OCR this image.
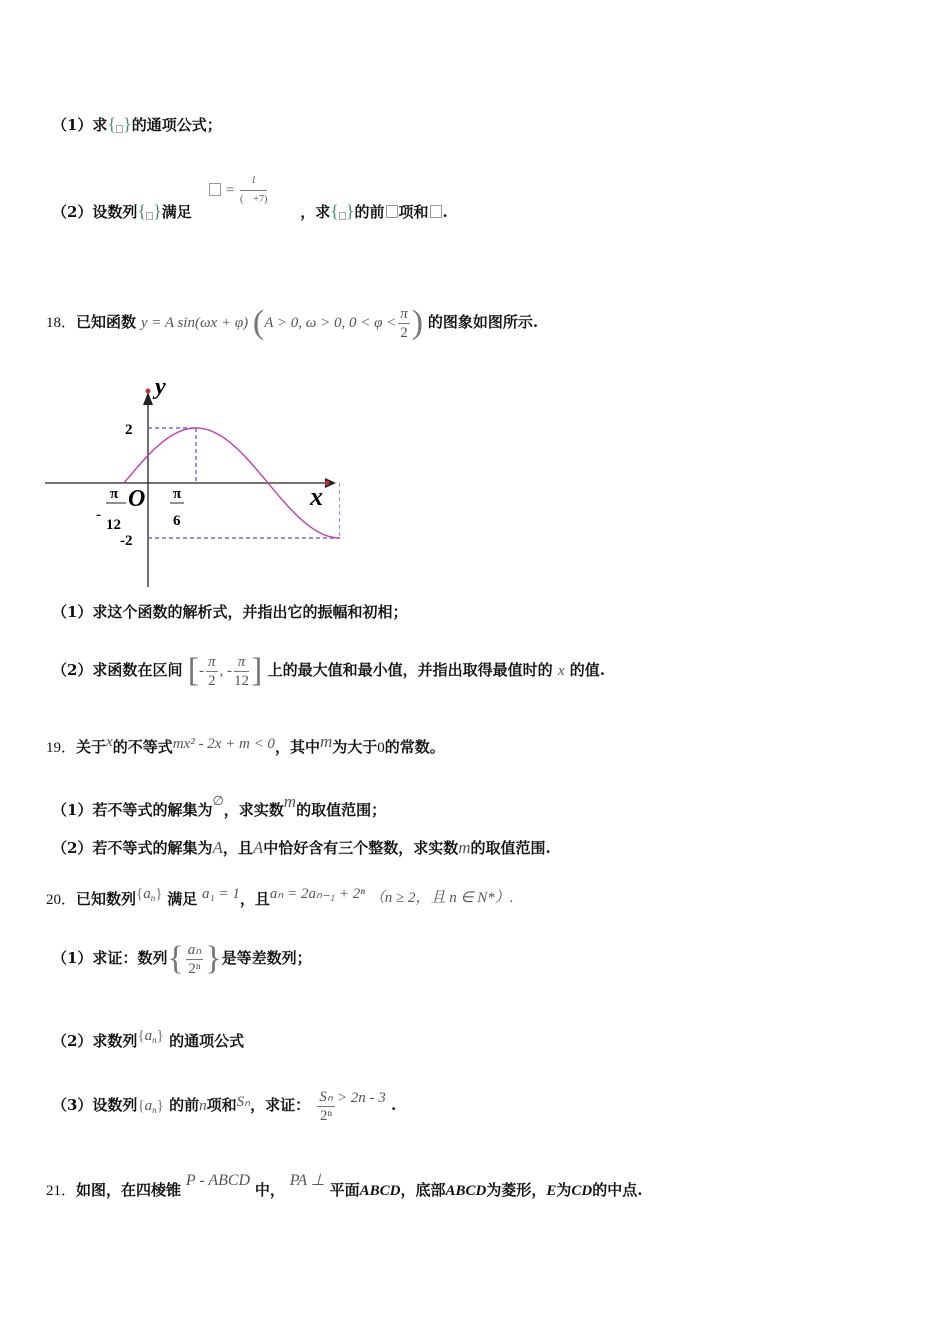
（1）求{ }的通项公式；
= $\frac{1}{( +7)}$
（2）设数列{ }满足	，求{ }的前 项和 .
18．已知函数 y = A sin(ωx + φ) (A > 0, ω > 0, $0 < \varphi < \frac{\pi}{2}$ ) 的图象如图所示.
y
x
O
2
-2
-
π
12
π
6
（1）求这个函数的解析式，并指出它的振幅和初相；
（2）求函数在区间 [- $\frac{\pi}{2}$ , - $\frac{\pi}{12}$ ] 上的最大值和最小值，并指出取得最值时的 x 的值.
19．关于x的不等式mx² - 2x + m < 0，其中m为大于0的常数。
（1）若不等式的解集为∅，求实数m的取值范围；
（2）若不等式的解集为A，且A中恰好含有三个整数，求实数m的取值范围.
20．已知数列$\{a^n\}$ 满足 a₁ = 1，且aₙ = 2aₙ₋₁ + 2ⁿ （n ≥ 2，且 n ∈ N*）.
（1）求证：数列{ $\frac{\text{aₙ}}{\text{2ⁿ}}$ }是等差数列；
（2）求数列$\{a^n\}$ 的通项公式
（3）设数列$\{a_n\}$ 的前n项和Sₙ，求证： $\frac{\text{Sₙ}}{\text{2ⁿ}} > 2n - 3$ .
21．如图，在四棱锥 P - ABCD 中， PA ⊥ 平面ABCD，底部ABCD为菱形，E为CD的中点.
